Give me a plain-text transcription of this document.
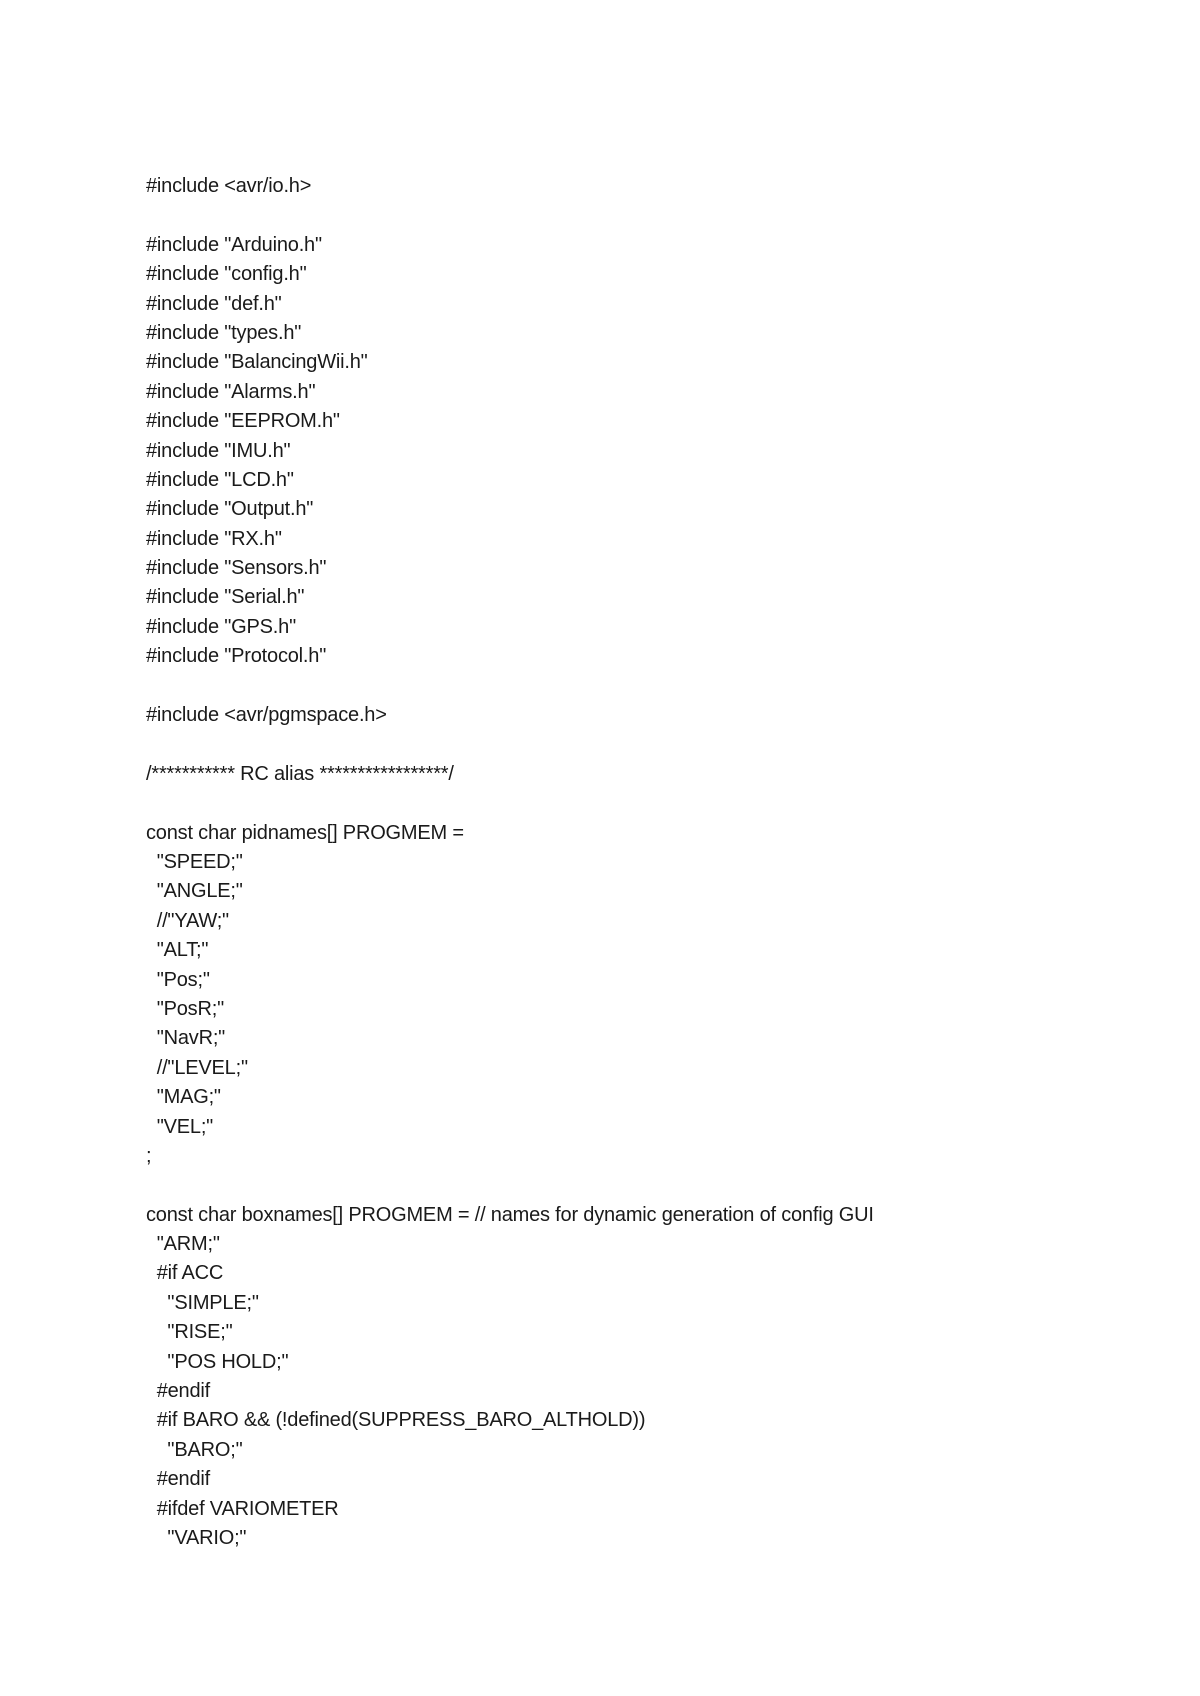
#include <avr/io.h>
#include "Arduino.h"
#include "config.h"
#include "def.h"
#include "types.h"
#include "BalancingWii.h"
#include "Alarms.h"
#include "EEPROM.h"
#include "IMU.h"
#include "LCD.h"
#include "Output.h"
#include "RX.h"
#include "Sensors.h"
#include "Serial.h"
#include "GPS.h"
#include "Protocol.h"
#include <avr/pgmspace.h>
/*********** RC alias *****************/
const char pidnames[] PROGMEM =
"SPEED;"
"ANGLE;"
//"YAW;"
"ALT;"
"Pos;"
"PosR;"
"NavR;"
//"LEVEL;"
"MAG;"
"VEL;"
;
const char boxnames[] PROGMEM = // names for dynamic generation of config GUI
"ARM;"
#if ACC
"SIMPLE;"
"RISE;"
"POS HOLD;"
#endif
#if BARO && (!defined(SUPPRESS_BARO_ALTHOLD))
"BARO;"
#endif
#ifdef VARIOMETER
"VARIO;"
